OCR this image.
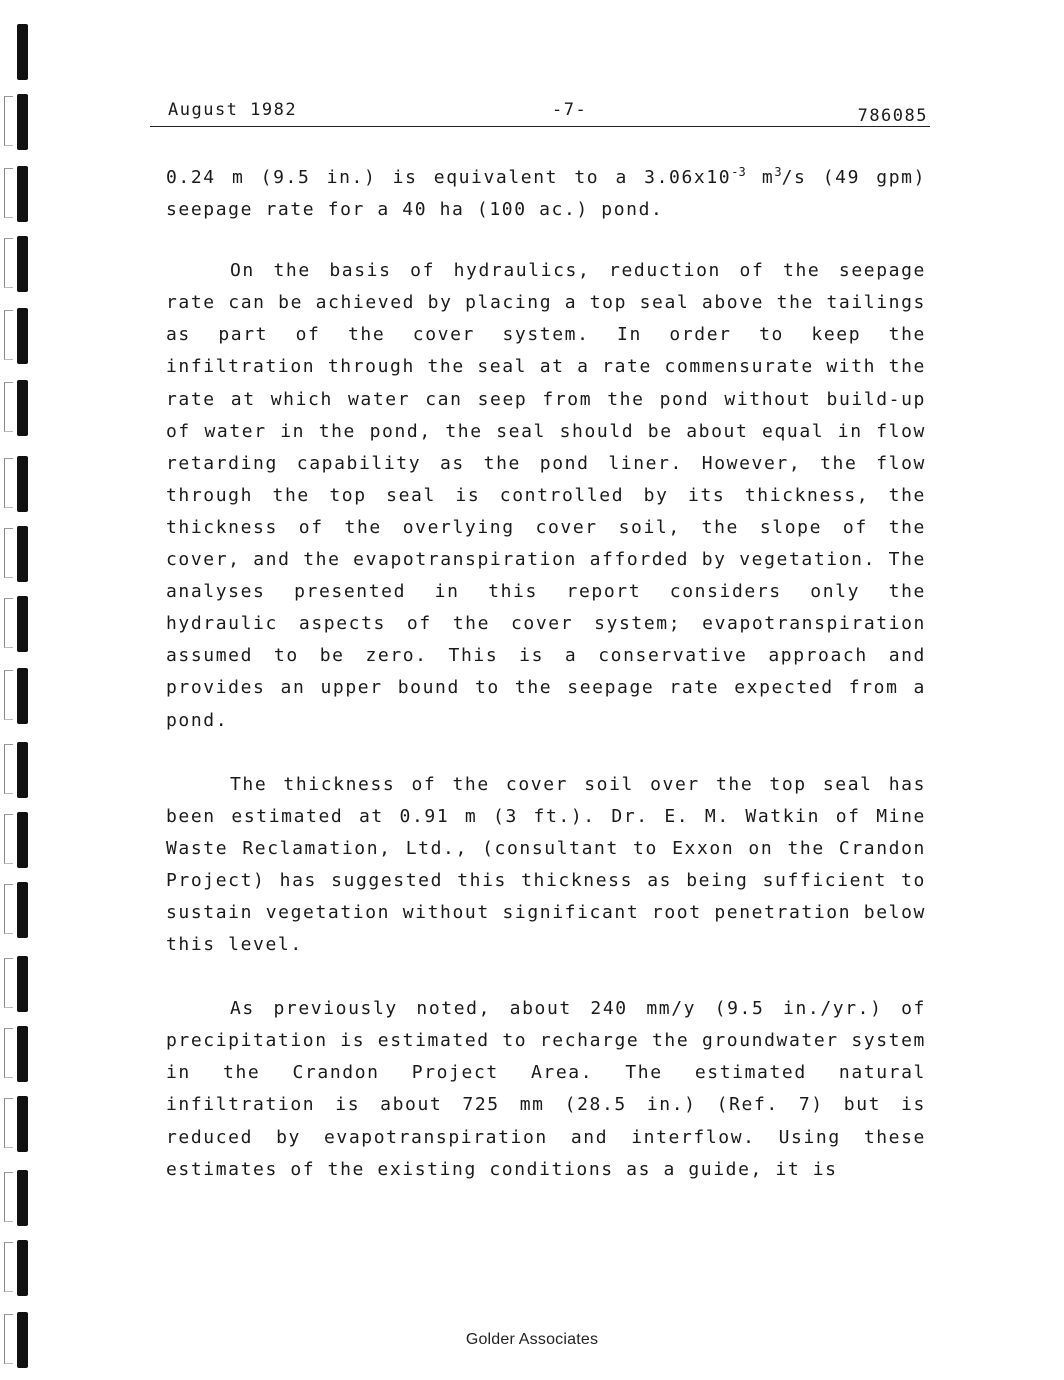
August 1982	-7-	786085

0.24 m (9.5 in.) is equivalent to a $3.06x10^{-3}$ $m^3/s$ (49 gpm) seepage rate for a 40 ha (100 ac.) pond.

On the basis of hydraulics, reduction of the seepage rate can be achieved by placing a top seal above the tailings as part of the cover system. In order to keep the infiltration through the seal at a rate commensurate with the rate at which water can seep from the pond without build-up of water in the pond, the seal should be about equal in flow retarding capability as the pond liner. However, the flow through the top seal is controlled by its thickness, the thickness of the overlying cover soil, the slope of the cover, and the evapotranspiration afforded by vegetation. The analyses presented in this report considers only the hydraulic aspects of the cover system; evapotranspiration assumed to be zero. This is a conservative approach and provides an upper bound to the seepage rate expected from a pond.

The thickness of the cover soil over the top seal has been estimated at 0.91 m (3 ft.). Dr. E. M. Watkin of Mine Waste Reclamation, Ltd., (consultant to Exxon on the Crandon Project) has suggested this thickness as being sufficient to sustain vegetation without significant root penetration below this level.

As previously noted, about 240 mm/y (9.5 in./yr.) of precipitation is estimated to recharge the groundwater system in the Crandon Project Area. The estimated natural infiltration is about 725 mm (28.5 in.) (Ref. 7) but is reduced by evapotranspiration and interflow. Using these estimates of the existing conditions as a guide, it is

Golder Associates
